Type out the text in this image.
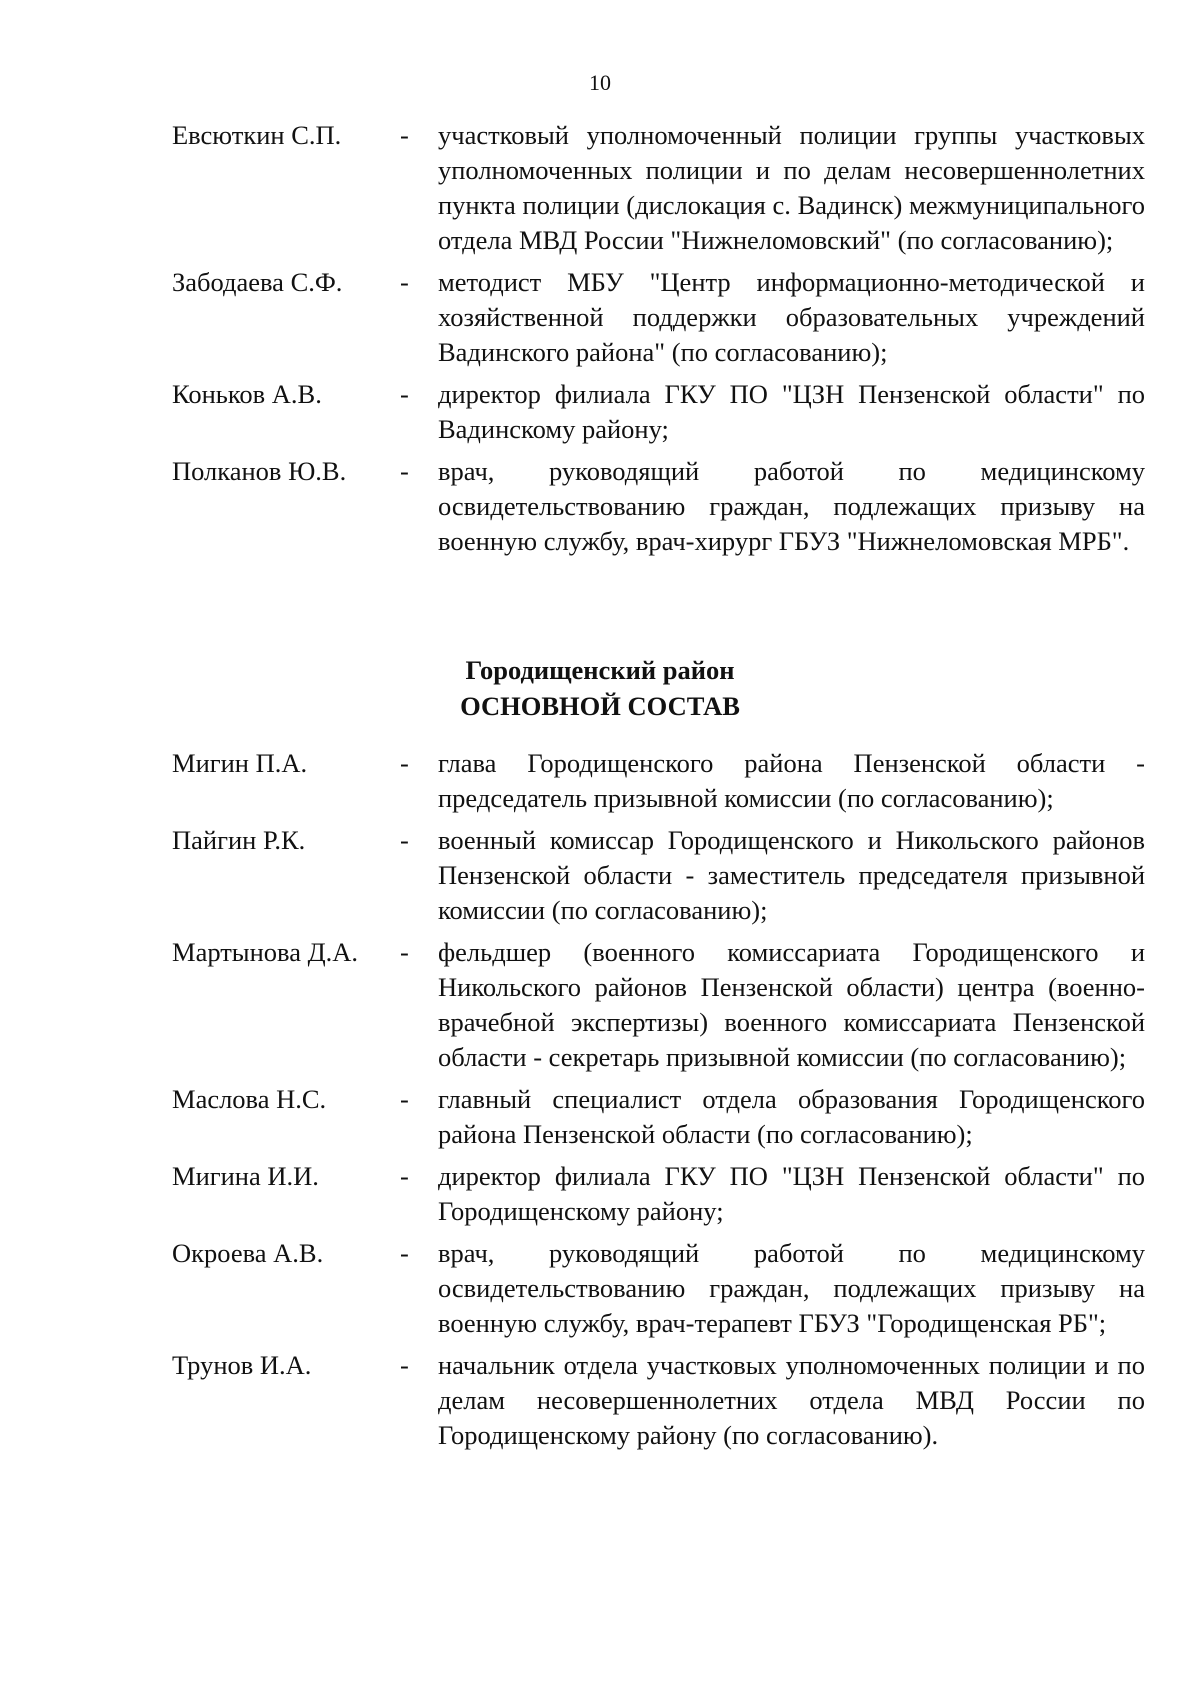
10
Евсюткин С.П.	-	участковый уполномоченный полиции группы участковых уполномоченных полиции и по делам несовершеннолетних пункта полиции (дислокация с. Вадинск) межмуниципального отдела МВД России "Нижнеломовский" (по согласованию);
Забодаева С.Ф.	-	методист МБУ "Центр информационно-методической и хозяйственной поддержки образовательных учреждений Вадинского района" (по согласованию);
Коньков А.В.	-	директор филиала ГКУ ПО "ЦЗН Пензенской области" по Вадинскому району;
Полканов Ю.В.	-	врач, руководящий работой по медицинскому освидетельствованию граждан, подлежащих призыву на военную службу, врач-хирург ГБУЗ "Нижнеломовская МРБ".
Городищенский район
ОСНОВНОЙ СОСТАВ
Мигин П.А.	-	глава Городищенского района Пензенской области - председатель призывной комиссии (по согласованию);
Пайгин Р.К.	-	военный комиссар Городищенского и Никольского районов Пензенской области - заместитель председателя призывной комиссии (по согласованию);
Мартынова Д.А.	-	фельдшер (военного комиссариата Городищенского и Никольского районов Пензенской области) центра (военно-врачебной экспертизы) военного комиссариата Пензенской области - секретарь призывной комиссии (по согласованию);
Маслова Н.С.	-	главный специалист отдела образования Городищенского района Пензенской области (по согласованию);
Мигина И.И.	-	директор филиала ГКУ ПО "ЦЗН Пензенской области" по Городищенскому району;
Окроева А.В.	-	врач, руководящий работой по медицинскому освидетельствованию граждан, подлежащих призыву на военную службу, врач-терапевт ГБУЗ "Городищенская РБ";
Трунов И.А.	-	начальник отдела участковых уполномоченных полиции и по делам несовершеннолетних отдела МВД России по Городищенскому району (по согласованию).
